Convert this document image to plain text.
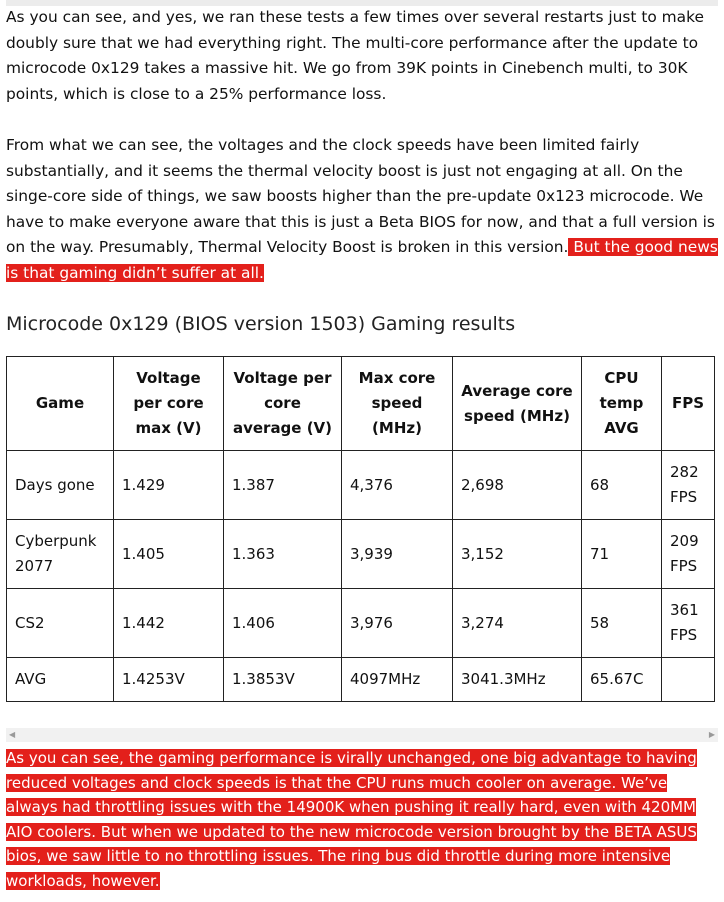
As you can see, and yes, we ran these tests a few times over several restarts just to make doubly sure that we had everything right. The multi-core performance after the update to microcode 0x129 takes a massive hit. We go from 39K points in Cinebench multi, to 30K points, which is close to a 25% performance loss.

From what we can see, the voltages and the clock speeds have been limited fairly substantially, and it seems the thermal velocity boost is just not engaging at all. On the singe-core side of things, we saw boosts higher than the pre-update 0x123 microcode. We have to make everyone aware that this is just a Beta BIOS for now, and that a full version is on the way. Presumably, Thermal Velocity Boost is broken in this version. But the good news is that gaming didn’t suffer at all.

Microcode 0x129 (BIOS version 1503) Gaming results
Game	Voltage per core max (V)	Voltage per core average (V)	Max core speed (MHz)	Average core speed (MHz)	CPU temp AVG	FPS
Days gone	1.429	1.387	4,376	2,698	68	282 FPS
Cyberpunk 2077	1.405	1.363	3,939	3,152	71	209 FPS
CS2	1.442	1.406	3,976	3,274	58	361 FPS
AVG	1.4253V	1.3853V	4097MHz	3041.3MHz	65.67C	
◀	▶

As you can see, the gaming performance is virally unchanged, one big advantage to having reduced voltages and clock speeds is that the CPU runs much cooler on average. We’ve always had throttling issues with the 14900K when pushing it really hard, even with 420MM AIO coolers. But when we updated to the new microcode version brought by the BETA ASUS bios, we saw little to no throttling issues. The ring bus did throttle during more intensive workloads, however.
